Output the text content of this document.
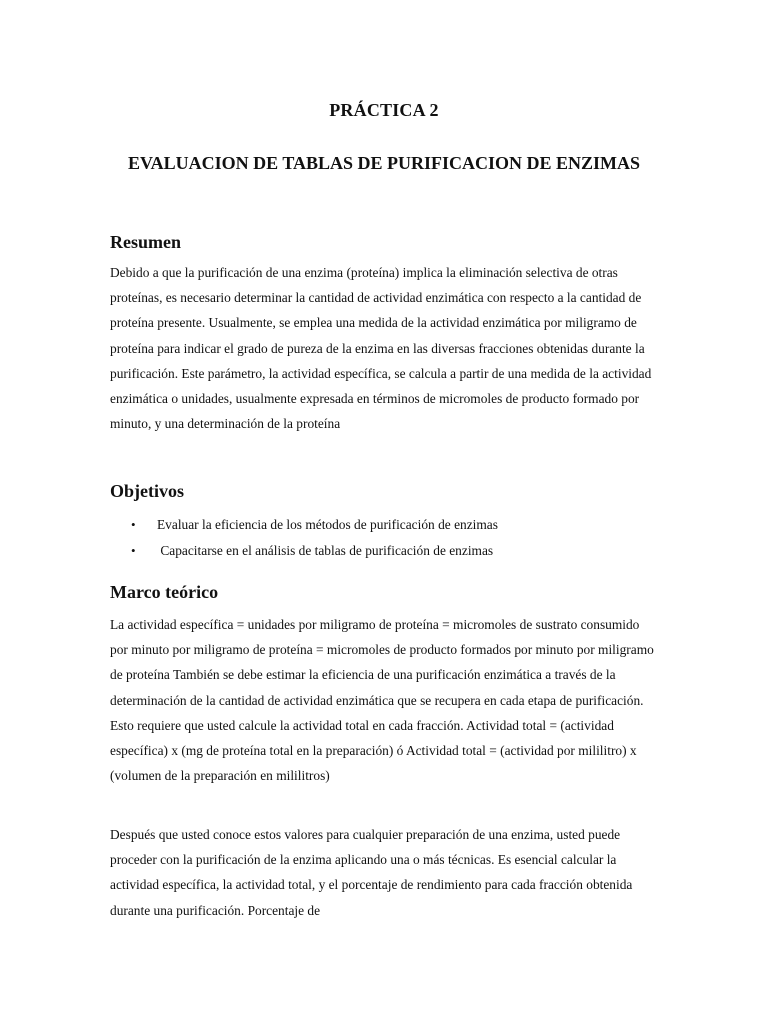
PRÁCTICA 2
EVALUACION DE TABLAS DE PURIFICACION DE ENZIMAS
Resumen

Debido a que la purificación de una enzima (proteína) implica la eliminación selectiva de otras proteínas, es necesario determinar la cantidad de actividad enzimática con respecto a la cantidad de proteína presente. Usualmente, se emplea una medida de la actividad enzimática por miligramo de proteína para indicar el grado de pureza de la enzima en las diversas fracciones obtenidas durante la purificación. Este parámetro, la actividad específica, se calcula a partir de una medida de la actividad enzimática o unidades, usualmente expresada en términos de micromoles de producto formado por minuto, y una determinación de la proteína

Objetivos
• Evaluar la eficiencia de los métodos de purificación de enzimas
• Capacitarse en el análisis de tablas de purificación de enzimas
Marco teórico

La actividad específica = unidades por miligramo de proteína = micromoles de sustrato consumido por minuto por miligramo de proteína = micromoles de producto formados por minuto por miligramo de proteína También se debe estimar la eficiencia de una purificación enzimática a través de la determinación de la cantidad de actividad enzimática que se recupera en cada etapa de purificación. Esto requiere que usted calcule la actividad total en cada fracción. Actividad total = (actividad específica) x (mg de proteína total en la preparación) ó Actividad total = (actividad por mililitro) x (volumen de la preparación en mililitros)

Después que usted conoce estos valores para cualquier preparación de una enzima, usted puede proceder con la purificación de la enzima aplicando una o más técnicas. Es esencial calcular la actividad específica, la actividad total, y el porcentaje de rendimiento para cada fracción obtenida durante una purificación. Porcentaje de
